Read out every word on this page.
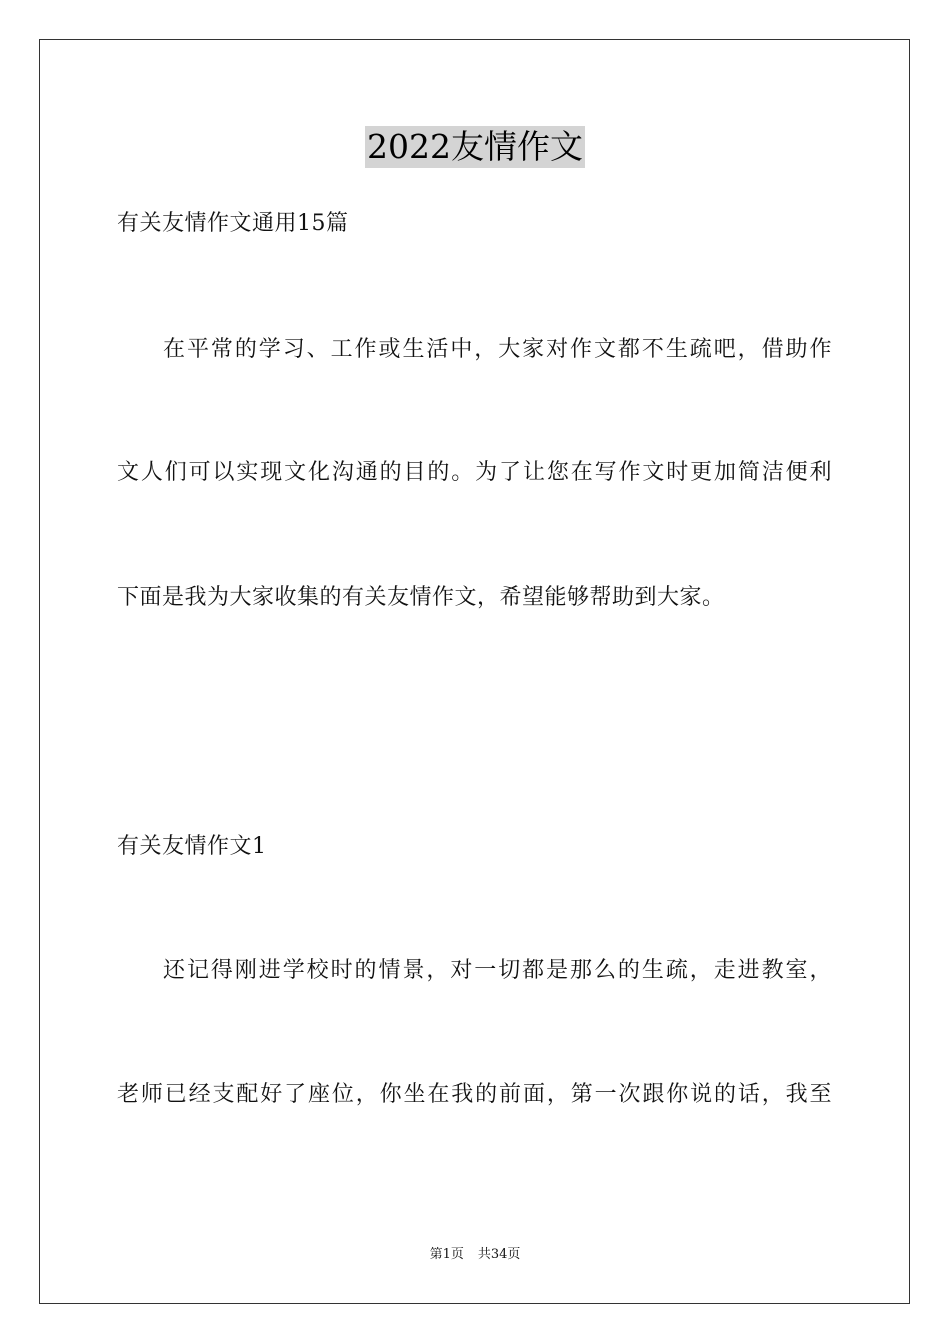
2022友情作文
有关友情作文通用15篇
在平常的学习、工作或生活中，大家对作文都不生疏吧，借助作
文人们可以实现文化沟通的目的。为了让您在写作文时更加简洁便利
下面是我为大家收集的有关友情作文，希望能够帮助到大家。
有关友情作文1
还记得刚进学校时的情景，对一切都是那么的生疏，走进教室，
老师已经支配好了座位，你坐在我的前面，第一次跟你说的话，我至
第1页 共34页
